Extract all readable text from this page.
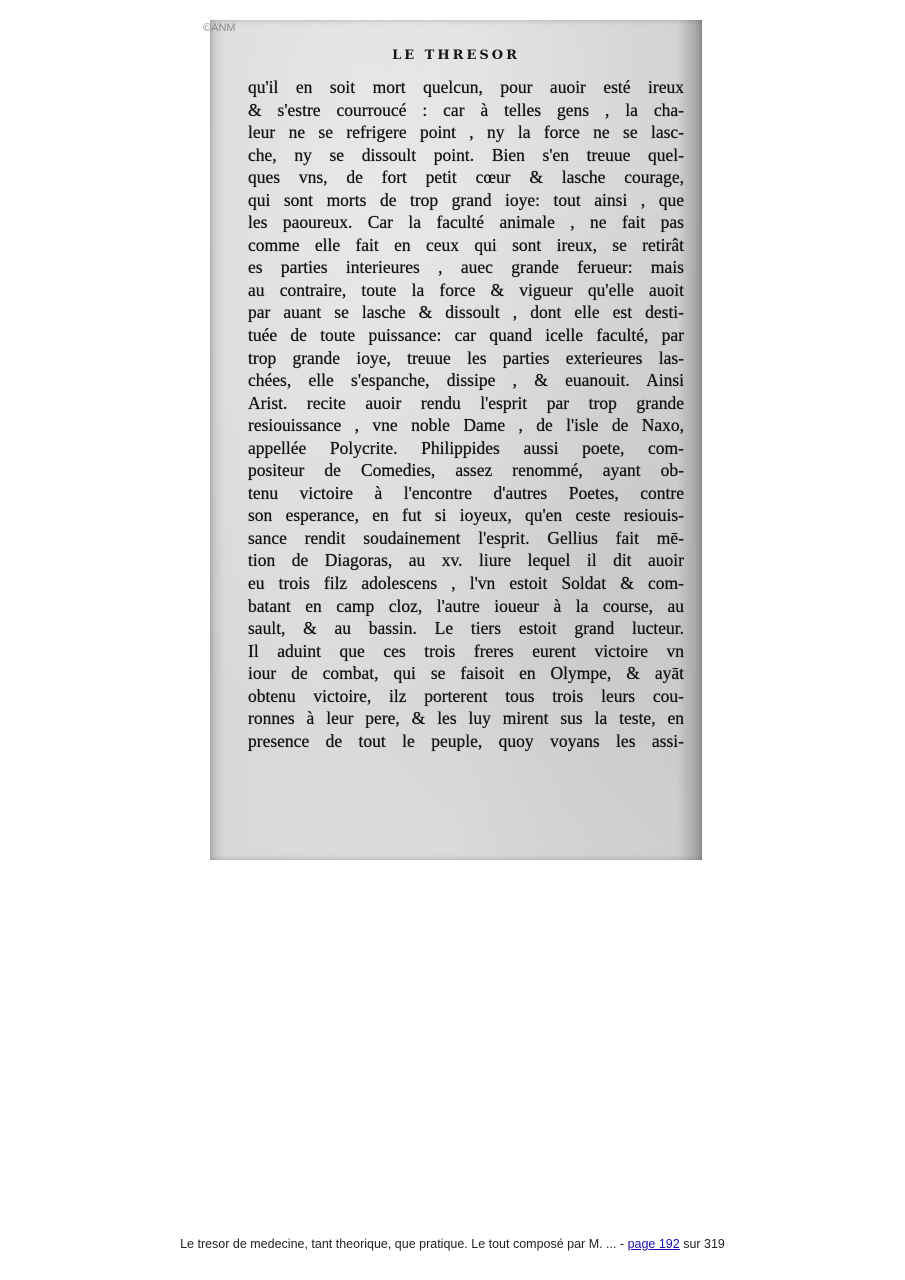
©ANM
LE THRESOR
qu'il en soit mort quelcun, pour auoir esté ireux
& s'estre courroucé : car à telles gens , la cha-
leur ne se refrigere point , ny la force ne se lasc-
che, ny se dissoult point. Bien s'en treuue quel-
ques vns, de fort petit cœur & lasche courage,
qui sont morts de trop grand ioye: tout ainsi , que
les paoureux. Car la faculté animale , ne fait pas
comme elle fait en ceux qui sont ireux, se retirât
es parties interieures , auec grande ferueur: mais
au contraire, toute la force & vigueur qu'elle auoit
par auant se lasche & dissoult , dont elle est desti-
tuée de toute puissance: car quand icelle faculté, par
trop grande ioye, treuue les parties exterieures las-
chées, elle s'espanche, dissipe , & euanouit. Ainsi
Arist. recite auoir rendu l'esprit par trop grande
resiouissance , vne noble Dame , de l'isle de Naxo,
appellée Polycrite. Philippides aussi poete, com-
positeur de Comedies, assez renommé, ayant ob-
tenu victoire à l'encontre d'autres Poetes, contre
son esperance, en fut si ioyeux, qu'en ceste resiouis-
sance rendit soudainement l'esprit. Gellius fait mē-
tion de Diagoras, au xv. liure lequel il dit auoir
eu trois filz adolescens , l'vn estoit Soldat & com-
batant en camp cloz, l'autre ioueur à la course, au
sault, & au bassin. Le tiers estoit grand lucteur.
Il aduint que ces trois freres eurent victoire vn
iour de combat, qui se faisoit en Olympe, & ayāt
obtenu victoire, ilz porterent tous trois leurs cou-
ronnes à leur pere, & les luy mirent sus la teste, en
presence de tout le peuple, quoy voyans les assi-
Le tresor de medecine, tant theorique, que pratique. Le tout composé par M. ... - page 192 sur 319
